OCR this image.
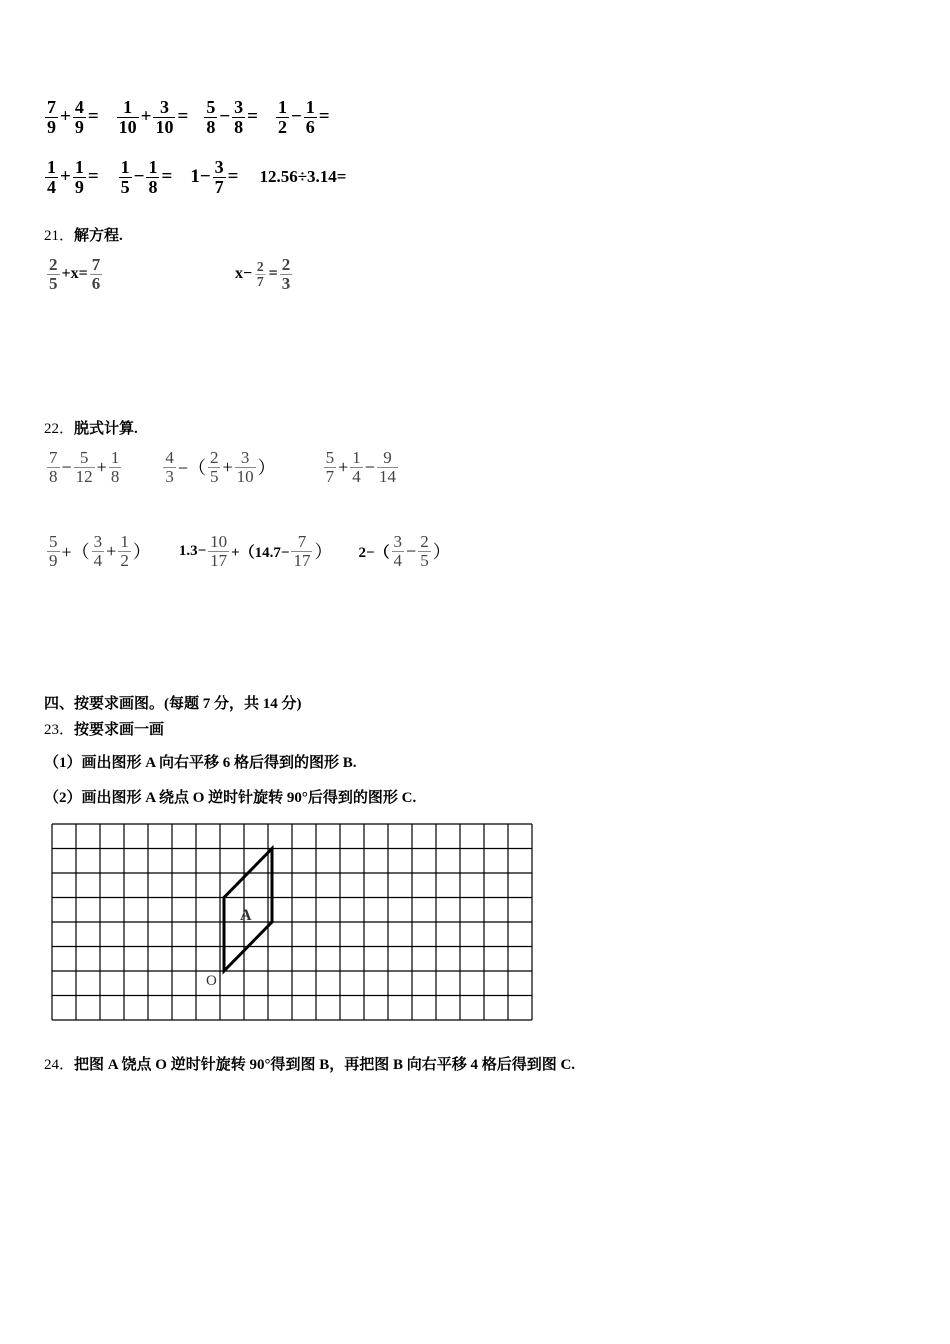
$\frac{7}{9} + \frac{4}{9} = \frac{1}{10} + \frac{3}{10} = \frac{5}{8} - \frac{3}{8} = \frac{1}{2} - \frac{1}{6}$ =
$\frac{1}{4} + \frac{1}{9} = \frac{1}{5} - \frac{1}{8} = 1- \frac{3}{7} = 12.56\div 3.14=$
21．解方程.
$\frac{2}{5} +x= \frac{7}{6}$	$x- \frac{2}{7} = \frac{2}{3}$
22．脱式计算.
$\frac{7}{8} - \frac{5}{12} + \frac{1}{8} \frac{4}{3}$ −（ $\frac{2}{5} + \frac{3}{10}$ ）	$\frac{5}{7} + \frac{1}{4} - \frac{9}{14}$
$\frac{5}{9}$ +（ $\frac{3}{4} + \frac{1}{2}$ ） $1.3- \frac{10}{17} +(14.7- \frac{7}{17}$ ） $2-( \frac{3}{4} - \frac{2}{5}$ ）
四、按要求画图。(每题 7 分，共 14 分)
23．按要求画一画
（1）画出图形 A 向右平移 6 格后得到的图形 B.
（2）画出图形 A 绕点 O 逆时针旋转 90°后得到的图形 C.
A
O
24．把图 A 饶点 O 逆时针旋转 90°得到图 B，再把图 B 向右平移 4 格后得到图 C.
